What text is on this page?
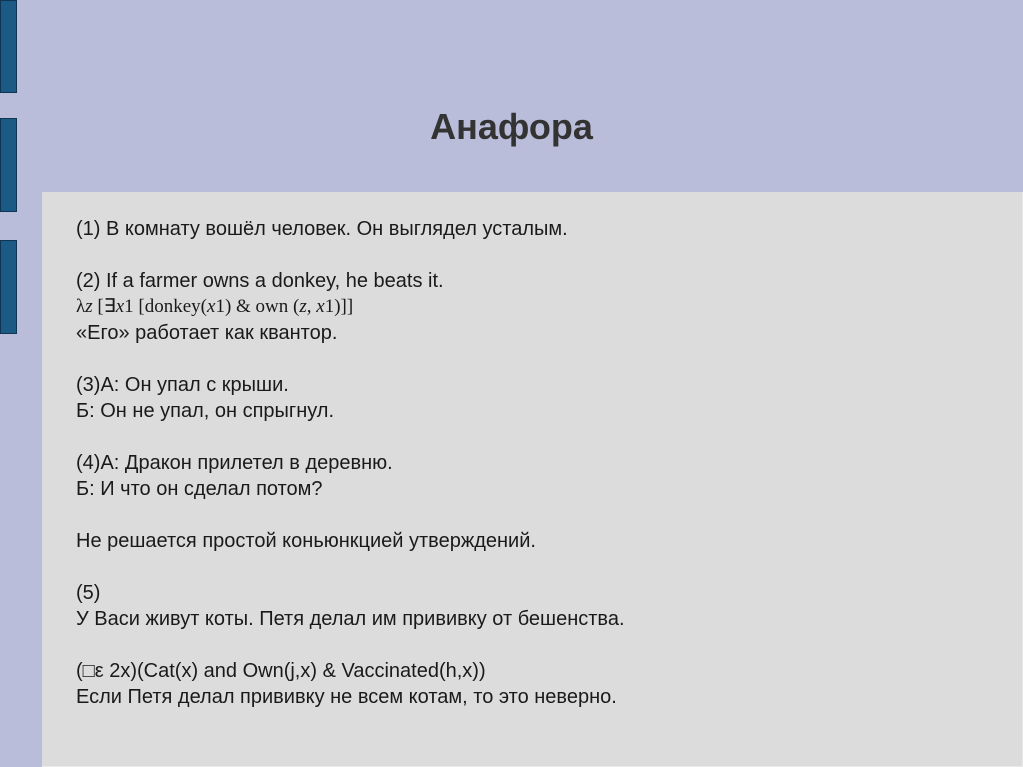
Анафора
(1) В комнату вошёл человек. Он выглядел усталым.
(2) If a farmer owns a donkey, he beats it.
λz [∃x1 [donkey(x1) & own (z, x1)]]
«Его» работает как квантор.
(3)А: Он упал с крыши.
Б: Он не упал, он спрыгнул.
(4)А: Дракон прилетел в деревню.
Б: И что он сделал потом?
Не решается простой коньюнкцией утверждений.
(5)
У Васи живут коты. Петя делал им прививку от бешенства.
(□ε 2x)(Cat(x) and Own(j,x) & Vaccinated(h,x))
Если Петя делал прививку не всем котам, то это неверно.
